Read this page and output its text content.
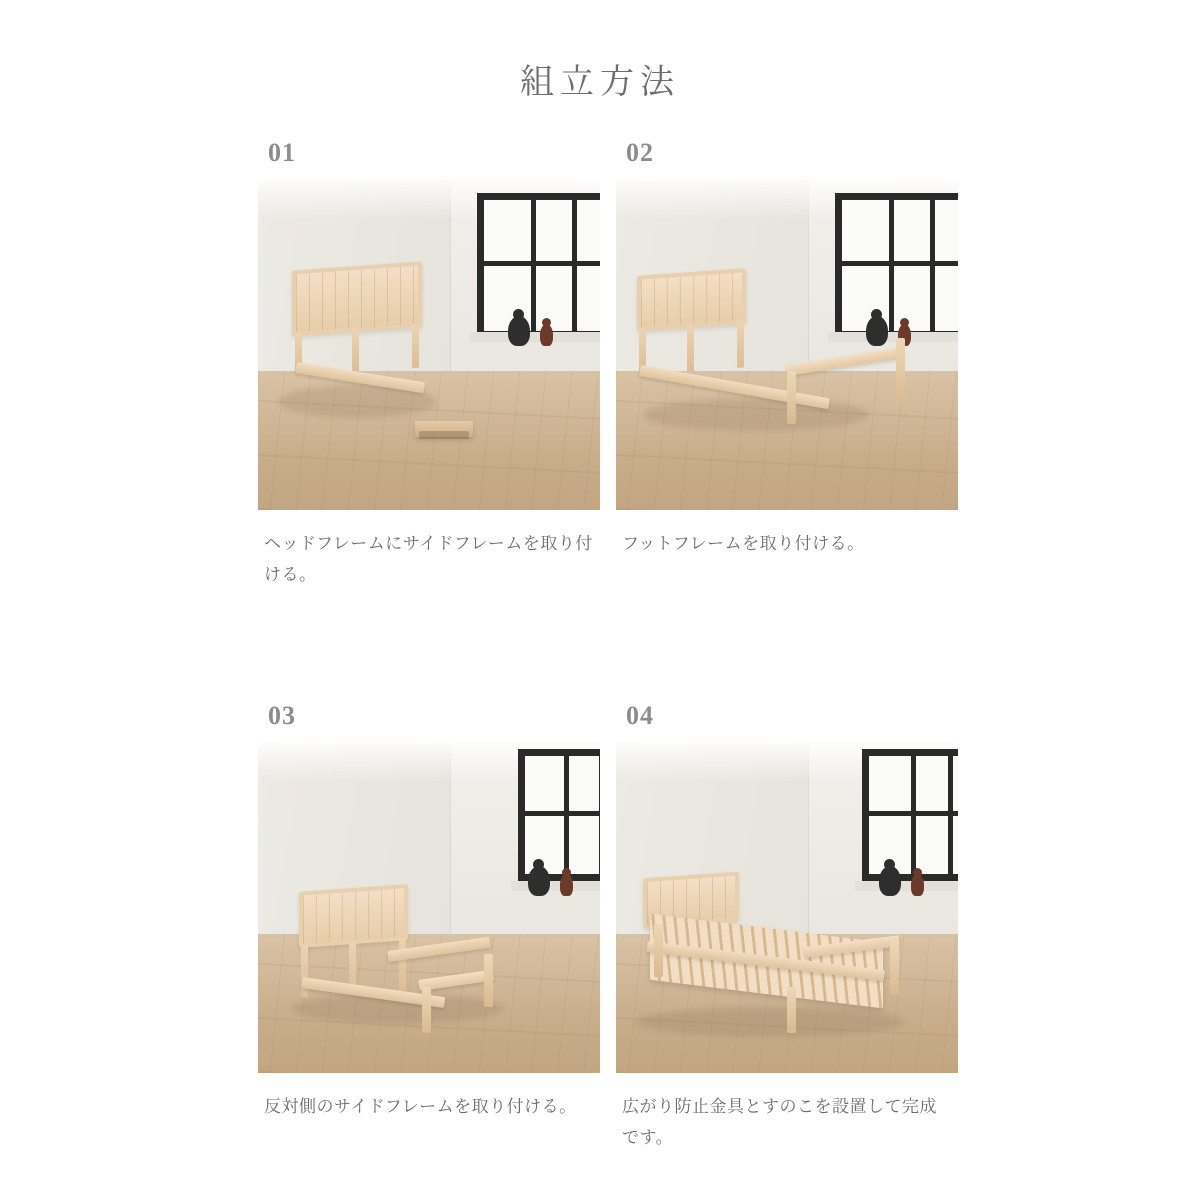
組立方法
01
ヘッドフレームにサイドフレームを取り付ける。
02
フットフレームを取り付ける。
03
反対側のサイドフレームを取り付ける。
04
広がり防止金具とすのこを設置して完成です。
